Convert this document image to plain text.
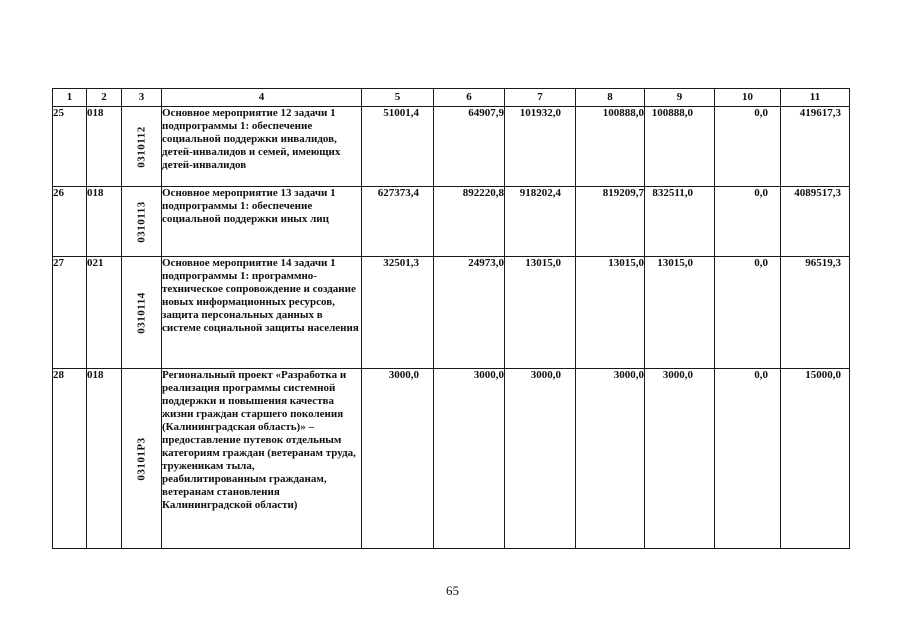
1	2	3	4	5	6	7	8	9	10	11
25	018	0310112	Основное мероприятие 12 задачи 1 подпрограммы 1: обеспечение социальной поддержки инвалидов, детей-инвалидов и семей, имеющих детей-инвалидов	51001,4	64907,9	101932,0	100888,0	100888,0	0,0	419617,3
26	018	0310113	Основное мероприятие 13 задачи 1 подпрограммы 1: обеспечение социальной поддержки иных лиц	627373,4	892220,8	918202,4	819209,7	832511,0	0,0	4089517,3
27	021	0310114	Основное мероприятие 14 задачи 1 подпрограммы 1: программно-техническое сопровождение и создание новых информационных ресурсов, защита персональных данных в системе социальной защиты населения	32501,3	24973,0	13015,0	13015,0	13015,0	0,0	96519,3
28	018	03101P3	Региональный проект «Разработка и реализация программы системной поддержки и повышения качества жизни граждан старшего поколения (Калининградская область)» – предоставление путевок отдельным категориям граждан (ветеранам труда, труженикам тыла, реабилитированным гражданам, ветеранам становления Калининградской области)	3000,0	3000,0	3000,0	3000,0	3000,0	0,0	15000,0
65
